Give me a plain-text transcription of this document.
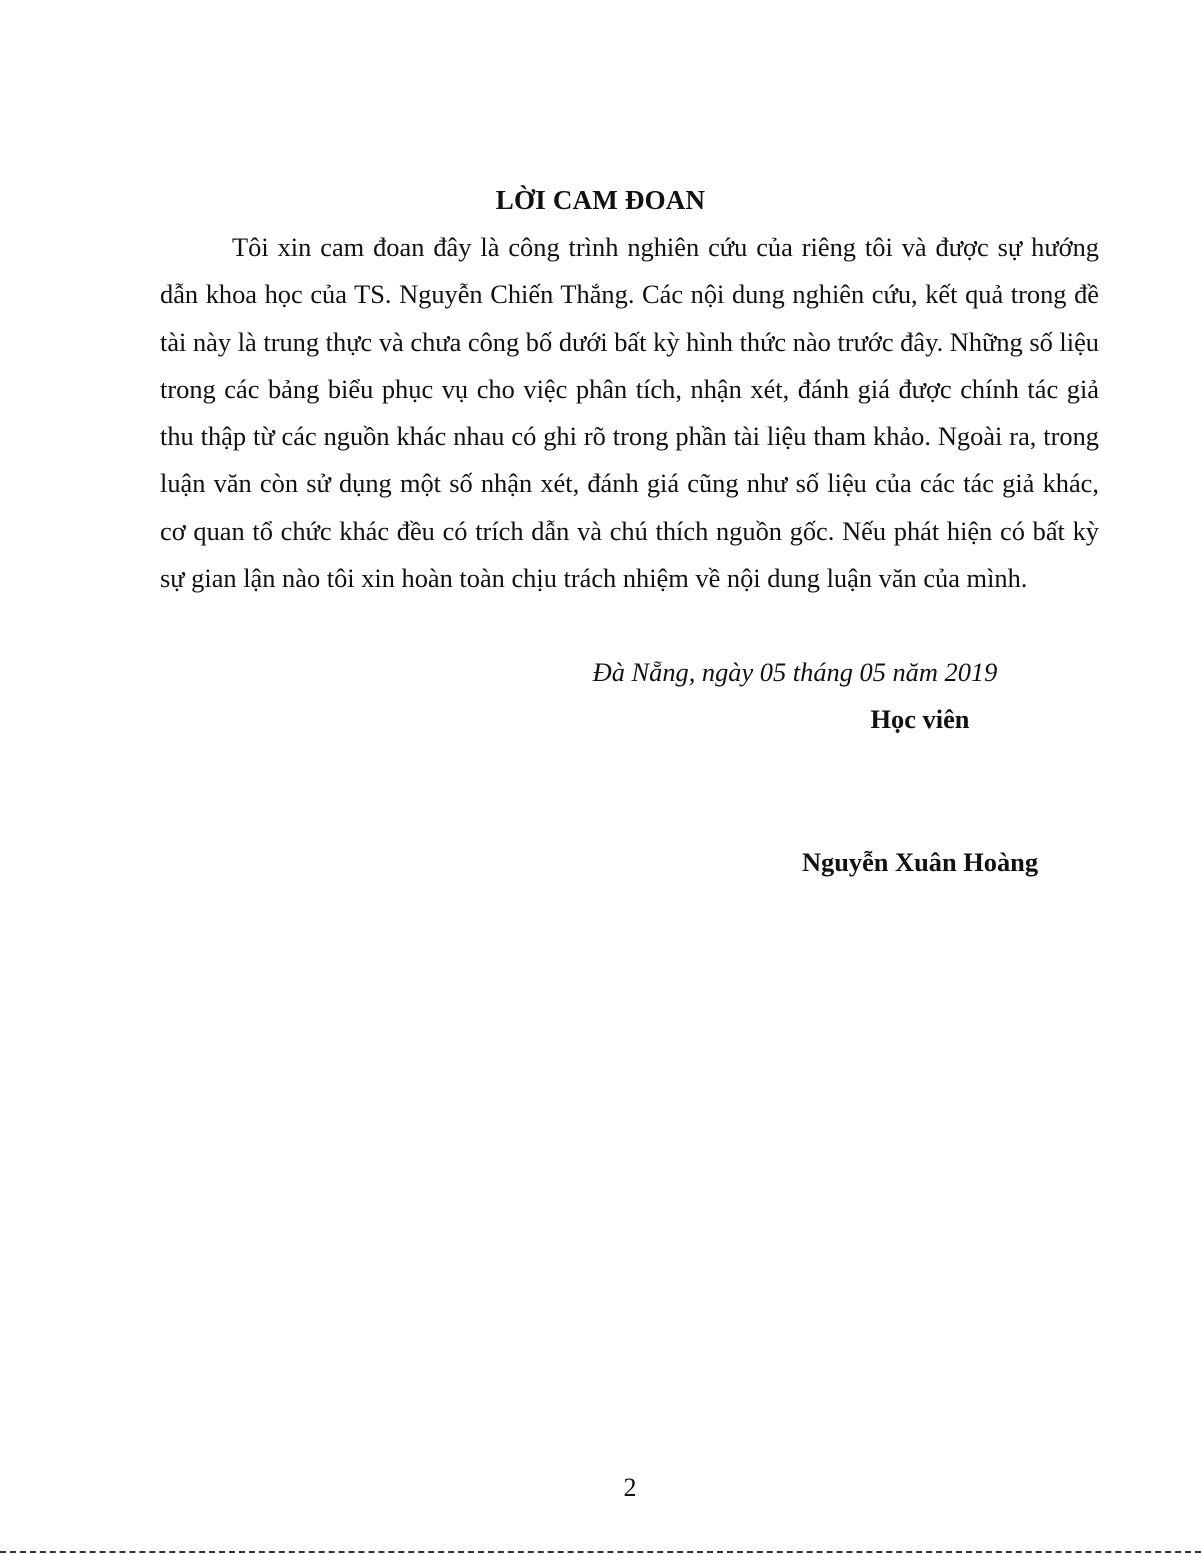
LỜI CAM ĐOAN

Tôi xin cam đoan đây là công trình nghiên cứu của riêng tôi và được sự hướng dẫn khoa học của TS. Nguyễn Chiến Thắng. Các nội dung nghiên cứu, kết quả trong đề tài này là trung thực và chưa công bố dưới bất kỳ hình thức nào trước đây. Những số liệu trong các bảng biểu phục vụ cho việc phân tích, nhận xét, đánh giá được chính tác giả thu thập từ các nguồn khác nhau có ghi rõ trong phần tài liệu tham khảo. Ngoài ra, trong luận văn còn sử dụng một số nhận xét, đánh giá cũng như số liệu của các tác giả khác, cơ quan tổ chức khác đều có trích dẫn và chú thích nguồn gốc. Nếu phát hiện có bất kỳ sự gian lận nào tôi xin hoàn toàn chịu trách nhiệm về nội dung luận văn của mình.

Đà Nẵng, ngày 05 tháng 05 năm 2019
Học viên
Nguyễn Xuân Hoàng
2
